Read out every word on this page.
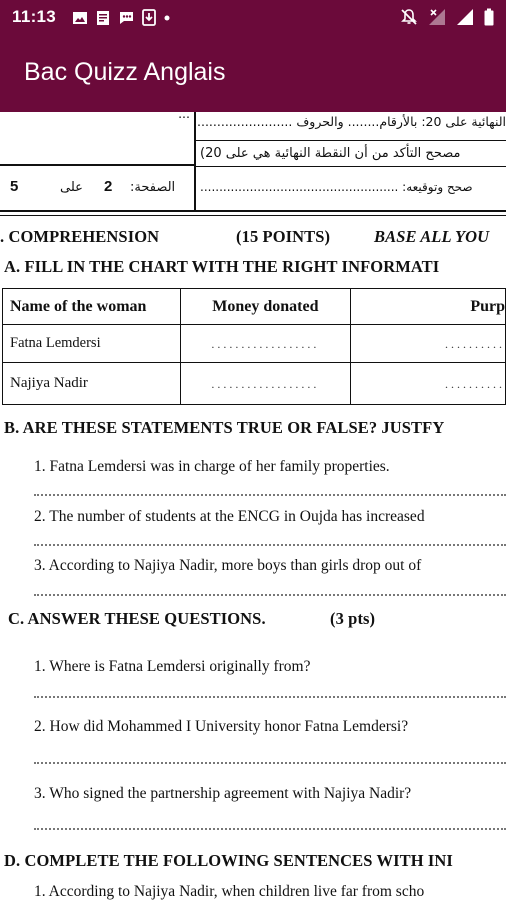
11:13
Bac Quizz Anglais
...
النهائية على 20: بالأرقام........ والحروف .........................
مصحح التأكد من أن النقطة النهائية هي على 20)
صحح وتوقيعه: ....................................................
5	على 2 الصفحة:
. COMPREHENSION	(15 POINTS)	BASE ALL YOU
A. FILL IN THE CHART WITH THE RIGHT INFORMATI
Name of the woman	Money donated	Purp
Fatna Lemdersi	..................	..........
Najiya Nadir	..................	..........
B. ARE THESE STATEMENTS TRUE OR FALSE? JUSTFY
1. Fatna Lemdersi was in charge of her family properties.
2. The number of students at the ENCG in Oujda has increased
3. According to Najiya Nadir, more boys than girls drop out of
C. ANSWER THESE QUESTIONS.	(3 pts)
1. Where is Fatna Lemdersi originally from?
2. How did Mohammed I University honor Fatna Lemdersi?
3. Who signed the partnership agreement with Najiya Nadir?
D. COMPLETE THE FOLLOWING SENTENCES WITH INI
1. According to Najiya Nadir, when children live far from scho
